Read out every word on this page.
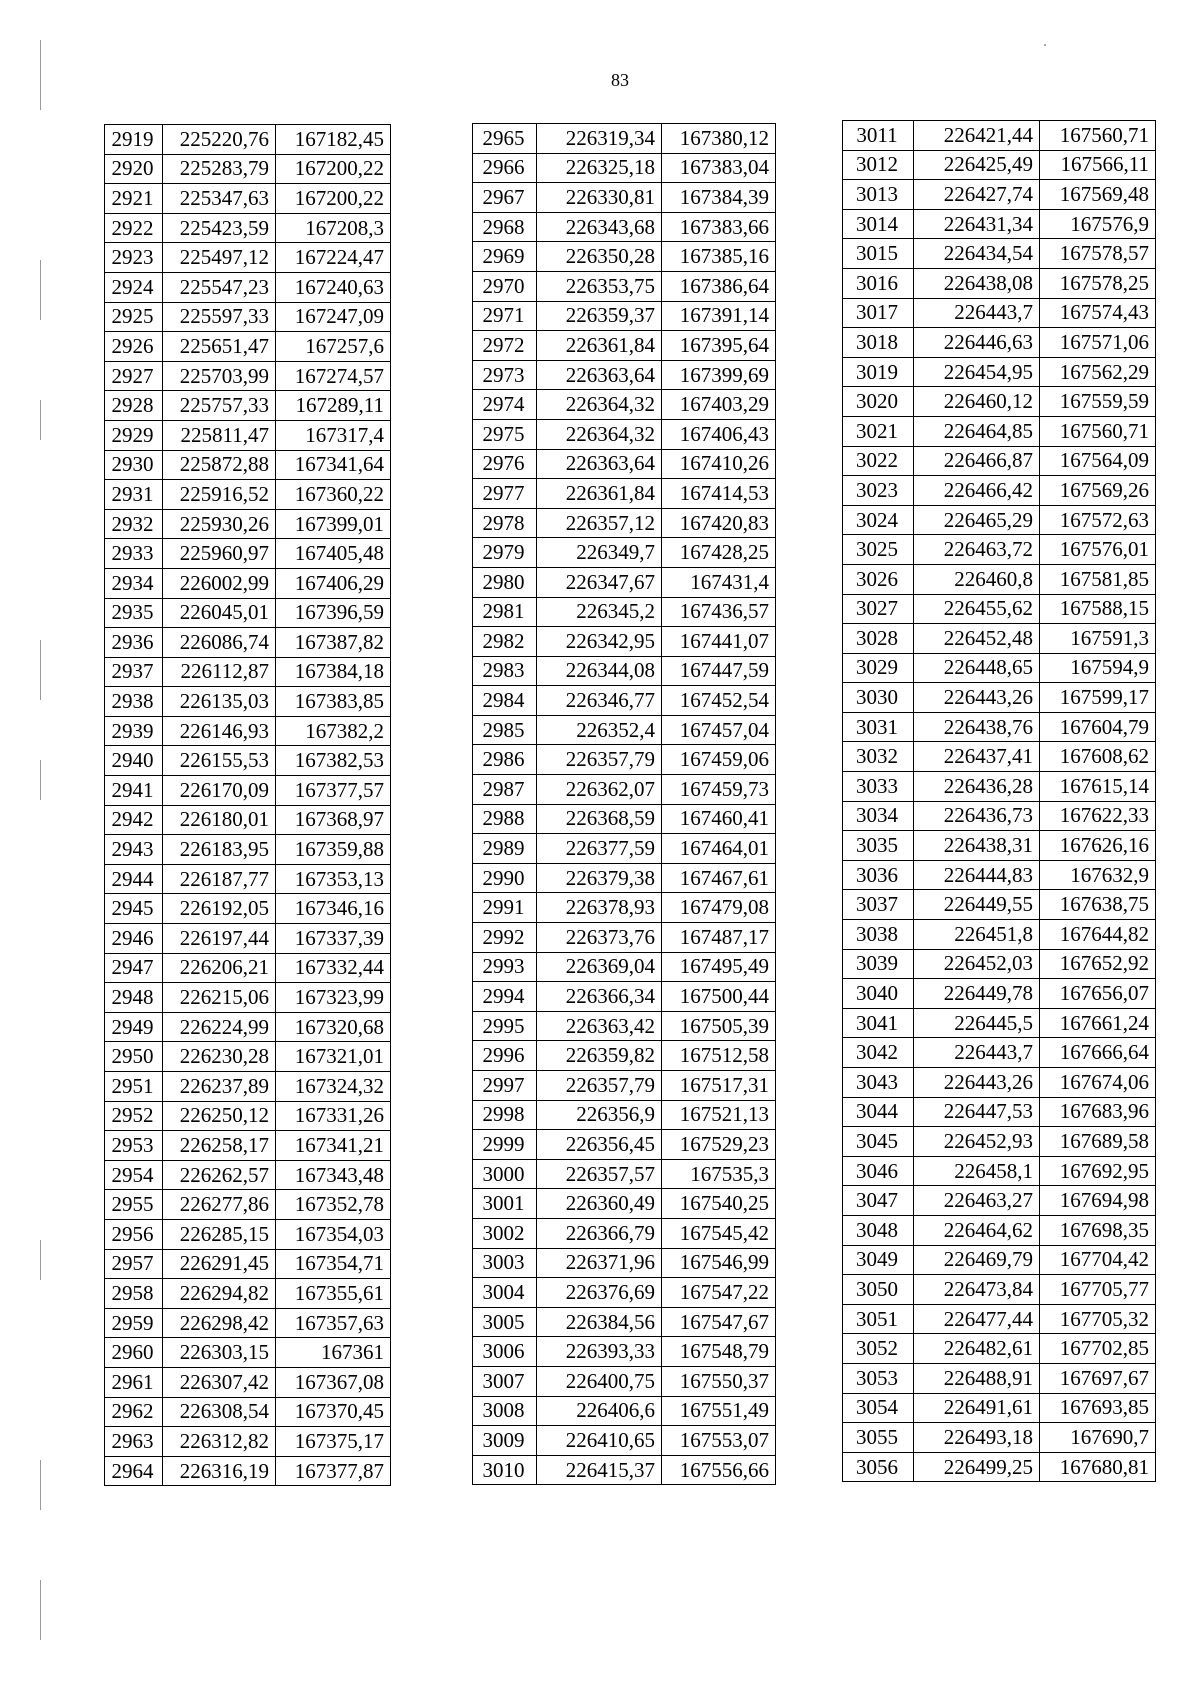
83
2919	225220,76	167182,45
2920	225283,79	167200,22
2921	225347,63	167200,22
2922	225423,59	167208,3
2923	225497,12	167224,47
2924	225547,23	167240,63
2925	225597,33	167247,09
2926	225651,47	167257,6
2927	225703,99	167274,57
2928	225757,33	167289,11
2929	225811,47	167317,4
2930	225872,88	167341,64
2931	225916,52	167360,22
2932	225930,26	167399,01
2933	225960,97	167405,48
2934	226002,99	167406,29
2935	226045,01	167396,59
2936	226086,74	167387,82
2937	226112,87	167384,18
2938	226135,03	167383,85
2939	226146,93	167382,2
2940	226155,53	167382,53
2941	226170,09	167377,57
2942	226180,01	167368,97
2943	226183,95	167359,88
2944	226187,77	167353,13
2945	226192,05	167346,16
2946	226197,44	167337,39
2947	226206,21	167332,44
2948	226215,06	167323,99
2949	226224,99	167320,68
2950	226230,28	167321,01
2951	226237,89	167324,32
2952	226250,12	167331,26
2953	226258,17	167341,21
2954	226262,57	167343,48
2955	226277,86	167352,78
2956	226285,15	167354,03
2957	226291,45	167354,71
2958	226294,82	167355,61
2959	226298,42	167357,63
2960	226303,15	167361
2961	226307,42	167367,08
2962	226308,54	167370,45
2963	226312,82	167375,17
2964	226316,19	167377,87
2965	226319,34	167380,12
2966	226325,18	167383,04
2967	226330,81	167384,39
2968	226343,68	167383,66
2969	226350,28	167385,16
2970	226353,75	167386,64
2971	226359,37	167391,14
2972	226361,84	167395,64
2973	226363,64	167399,69
2974	226364,32	167403,29
2975	226364,32	167406,43
2976	226363,64	167410,26
2977	226361,84	167414,53
2978	226357,12	167420,83
2979	226349,7	167428,25
2980	226347,67	167431,4
2981	226345,2	167436,57
2982	226342,95	167441,07
2983	226344,08	167447,59
2984	226346,77	167452,54
2985	226352,4	167457,04
2986	226357,79	167459,06
2987	226362,07	167459,73
2988	226368,59	167460,41
2989	226377,59	167464,01
2990	226379,38	167467,61
2991	226378,93	167479,08
2992	226373,76	167487,17
2993	226369,04	167495,49
2994	226366,34	167500,44
2995	226363,42	167505,39
2996	226359,82	167512,58
2997	226357,79	167517,31
2998	226356,9	167521,13
2999	226356,45	167529,23
3000	226357,57	167535,3
3001	226360,49	167540,25
3002	226366,79	167545,42
3003	226371,96	167546,99
3004	226376,69	167547,22
3005	226384,56	167547,67
3006	226393,33	167548,79
3007	226400,75	167550,37
3008	226406,6	167551,49
3009	226410,65	167553,07
3010	226415,37	167556,66
3011	226421,44	167560,71
3012	226425,49	167566,11
3013	226427,74	167569,48
3014	226431,34	167576,9
3015	226434,54	167578,57
3016	226438,08	167578,25
3017	226443,7	167574,43
3018	226446,63	167571,06
3019	226454,95	167562,29
3020	226460,12	167559,59
3021	226464,85	167560,71
3022	226466,87	167564,09
3023	226466,42	167569,26
3024	226465,29	167572,63
3025	226463,72	167576,01
3026	226460,8	167581,85
3027	226455,62	167588,15
3028	226452,48	167591,3
3029	226448,65	167594,9
3030	226443,26	167599,17
3031	226438,76	167604,79
3032	226437,41	167608,62
3033	226436,28	167615,14
3034	226436,73	167622,33
3035	226438,31	167626,16
3036	226444,83	167632,9
3037	226449,55	167638,75
3038	226451,8	167644,82
3039	226452,03	167652,92
3040	226449,78	167656,07
3041	226445,5	167661,24
3042	226443,7	167666,64
3043	226443,26	167674,06
3044	226447,53	167683,96
3045	226452,93	167689,58
3046	226458,1	167692,95
3047	226463,27	167694,98
3048	226464,62	167698,35
3049	226469,79	167704,42
3050	226473,84	167705,77
3051	226477,44	167705,32
3052	226482,61	167702,85
3053	226488,91	167697,67
3054	226491,61	167693,85
3055	226493,18	167690,7
3056	226499,25	167680,81
